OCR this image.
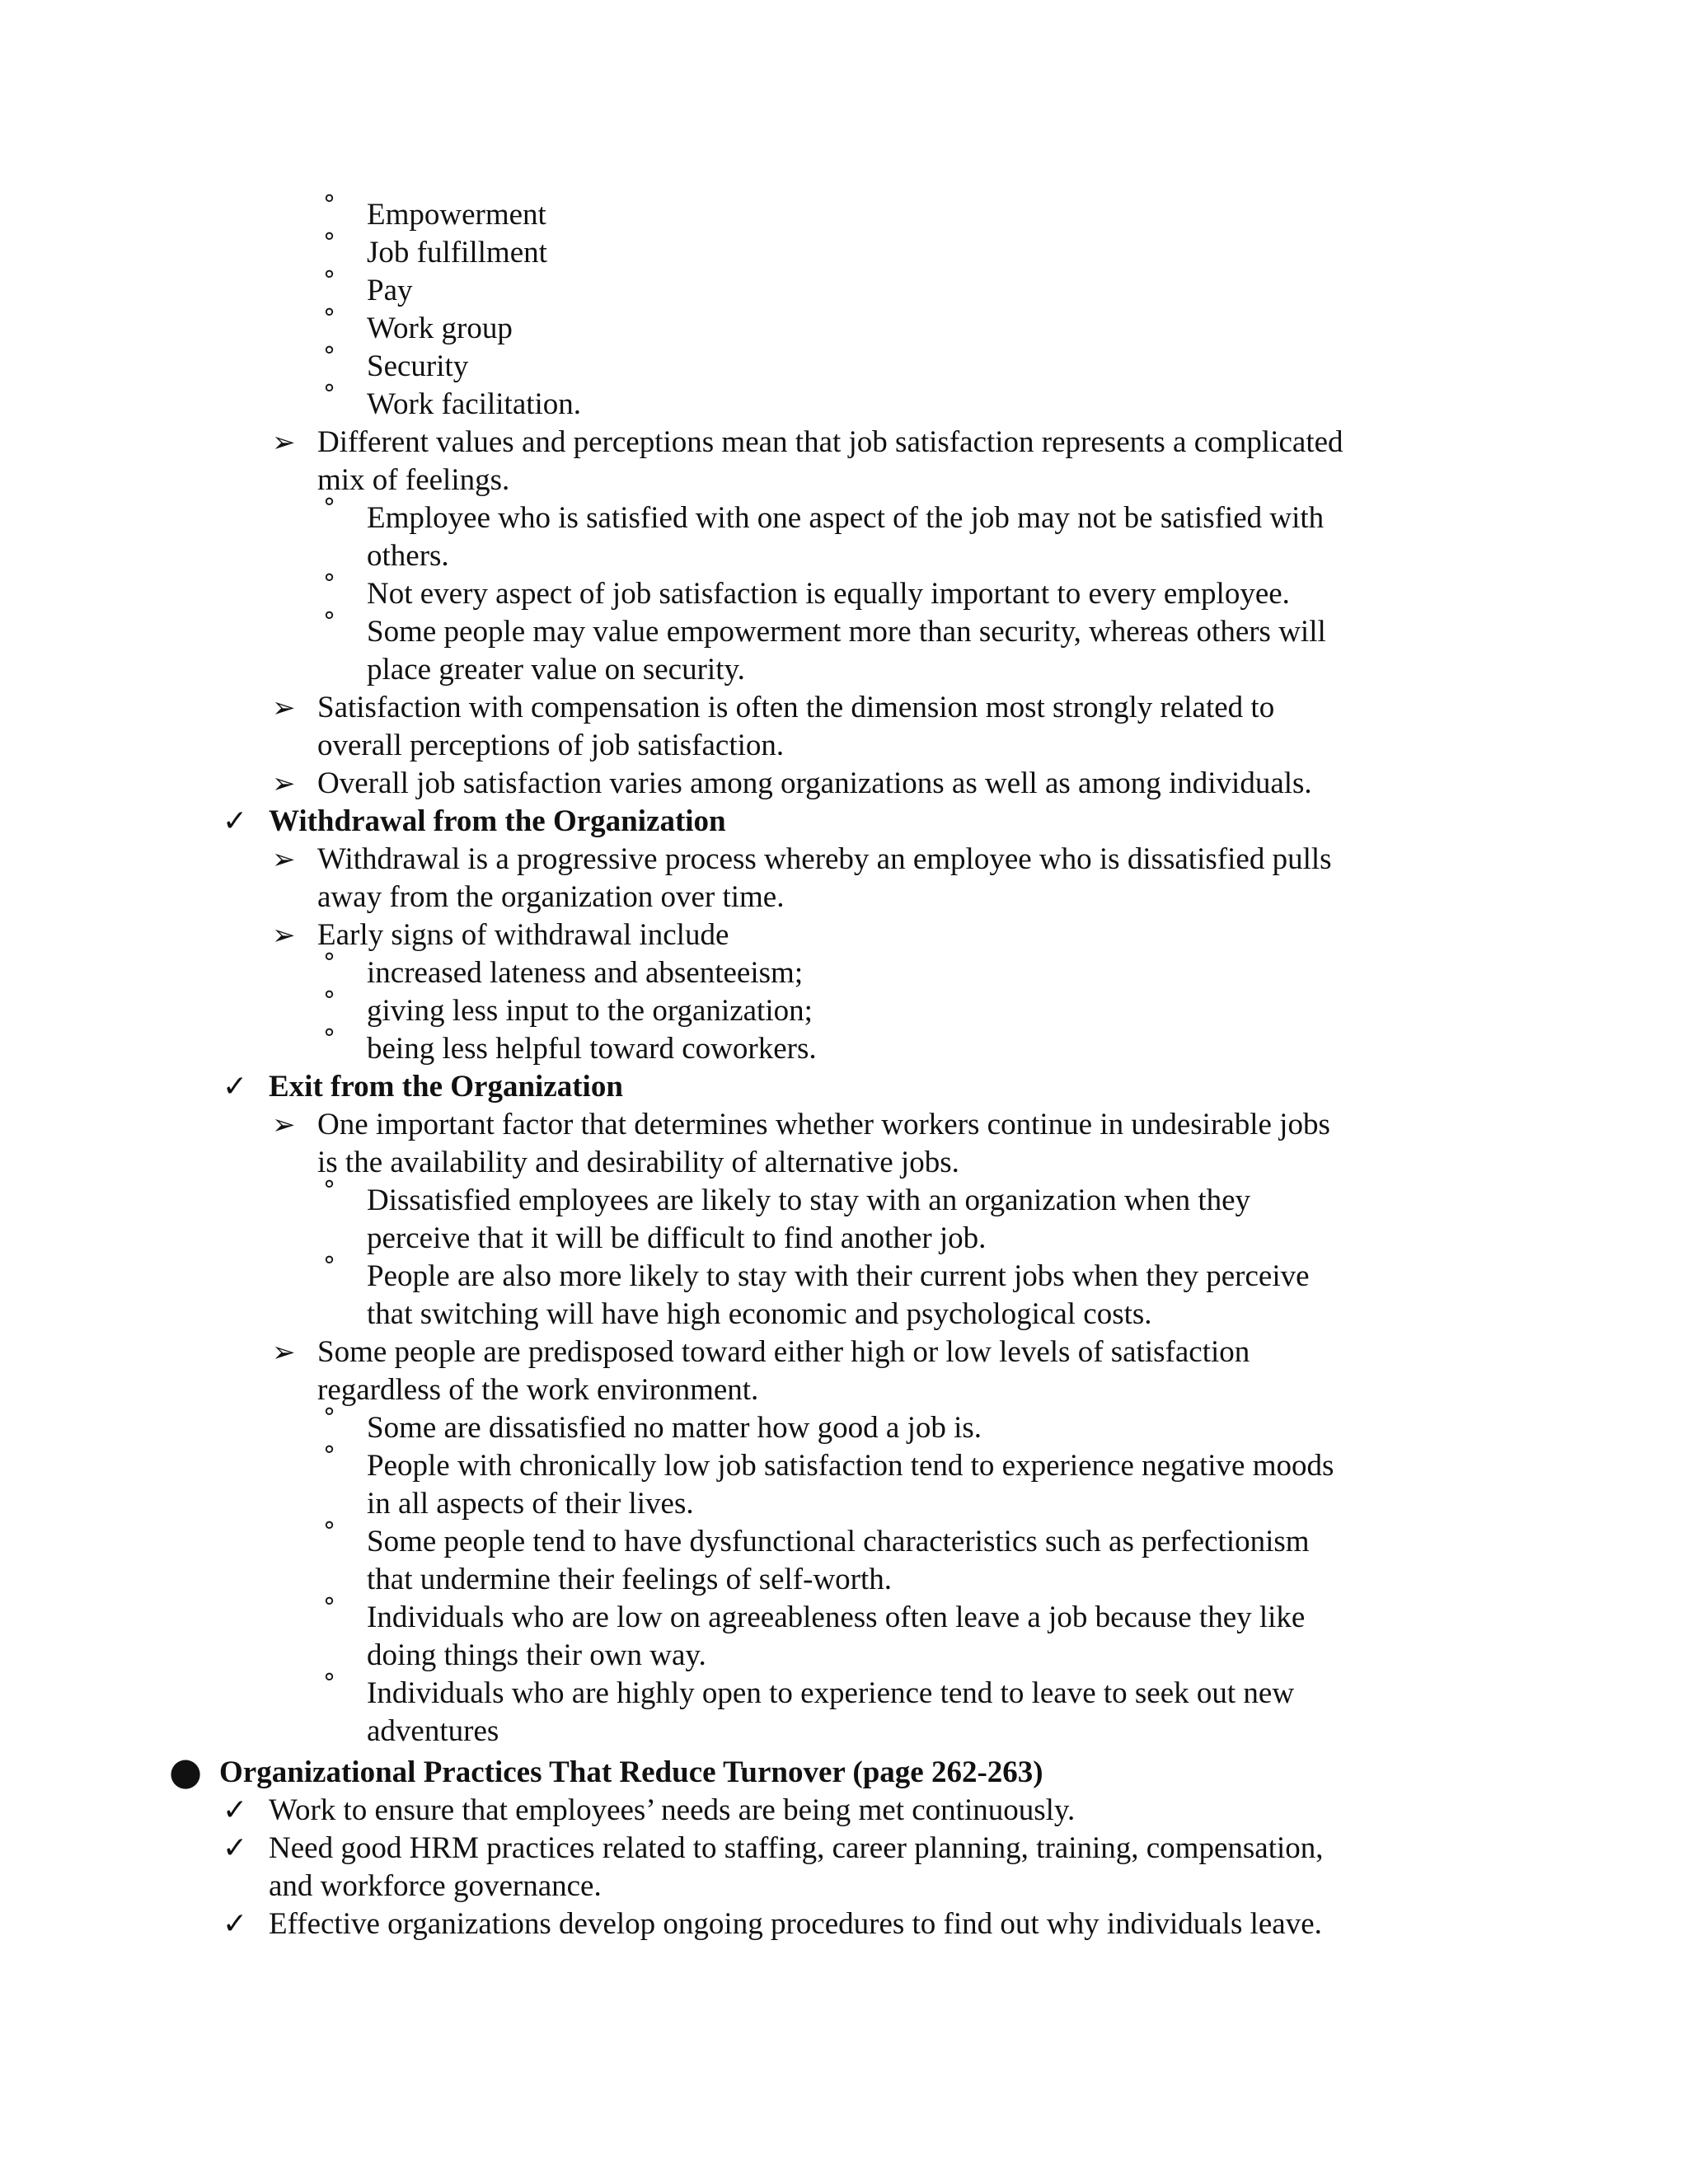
° Empowerment

° Job fulfillment

° Pay

° Work group

° Security

° Work facilitation.

➢ Different values and perceptions mean that job satisfaction represents a complicated

mix of feelings.

° Employee who is satisfied with one aspect of the job may not be satisfied with

others.

° Not every aspect of job satisfaction is equally important to every employee.

° Some people may value empowerment more than security, whereas others will

place greater value on security.

➢ Satisfaction with compensation is often the dimension most strongly related to

overall perceptions of job satisfaction.

➢ Overall job satisfaction varies among organizations as well as among individuals.

✓ Withdrawal from the Organization

➢ Withdrawal is a progressive process whereby an employee who is dissatisfied pulls

away from the organization over time.

➢ Early signs of withdrawal include

° increased lateness and absenteeism;

° giving less input to the organization;

° being less helpful toward coworkers.

✓ Exit from the Organization

➢ One important factor that determines whether workers continue in undesirable jobs

is the availability and desirability of alternative jobs.

° Dissatisfied employees are likely to stay with an organization when they

perceive that it will be difficult to find another job.

° People are also more likely to stay with their current jobs when they perceive

that switching will have high economic and psychological costs.

➢ Some people are predisposed toward either high or low levels of satisfaction

regardless of the work environment.

° Some are dissatisfied no matter how good a job is.

° People with chronically low job satisfaction tend to experience negative moods

in all aspects of their lives.

° Some people tend to have dysfunctional characteristics such as perfectionism

that undermine their feelings of self-worth.

° Individuals who are low on agreeableness often leave a job because they like

doing things their own way.

° Individuals who are highly open to experience tend to leave to seek out new

adventures

● Organizational Practices That Reduce Turnover (page 262-263)

✓ Work to ensure that employees’ needs are being met continuously.

✓ Need good HRM practices related to staffing, career planning, training, compensation,

and workforce governance.

✓ Effective organizations develop ongoing procedures to find out why individuals leave.
